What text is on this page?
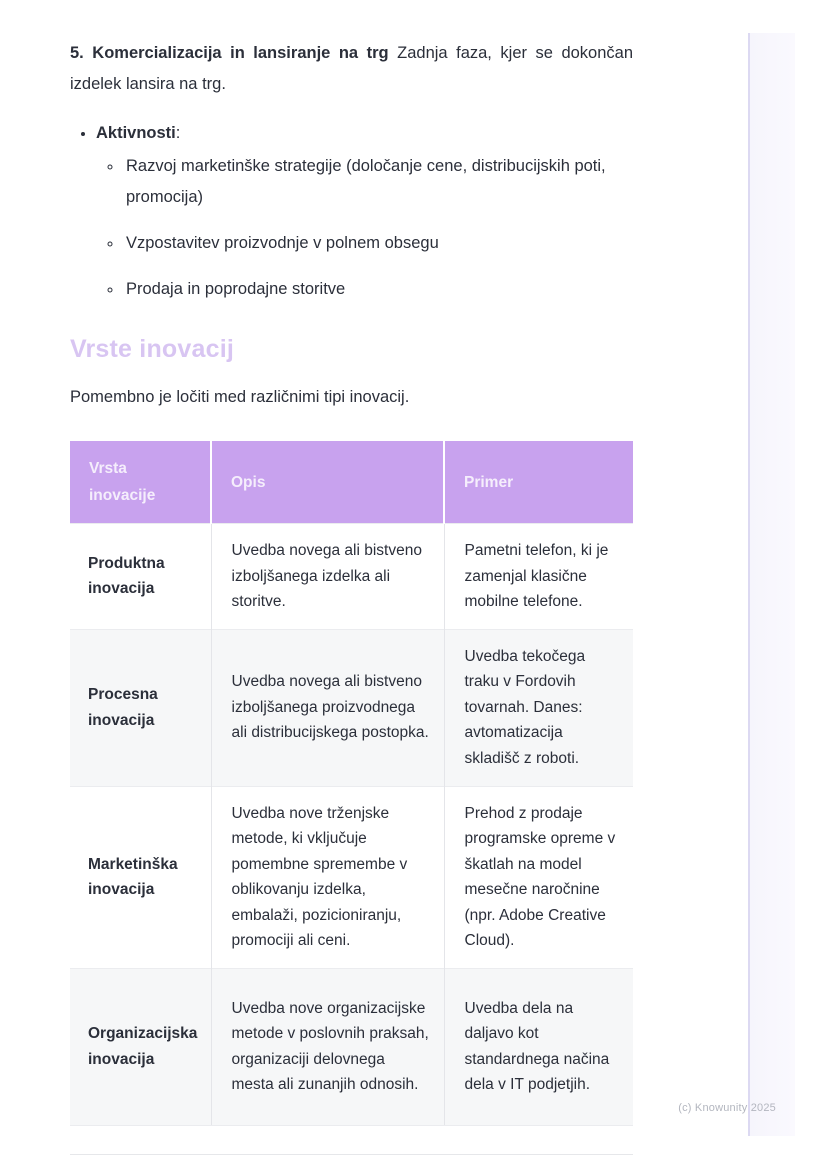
5. Komercializacija in lansiranje na trg Zadnja faza, kjer se dokončan izdelek lansira na trg.

• Aktivnosti:
◦ Razvoj marketinške strategije (določanje cene, distribucijskih poti, promocija)
◦ Vzpostavitev proizvodnje v polnem obsegu
◦ Prodaja in poprodajne storitve
Vrste inovacij

Pomembno je ločiti med različnimi tipi inovacij.

Vrsta inovacije	Opis	Primer
Produktna inovacija	Uvedba novega ali bistveno izboljšanega izdelka ali storitve.	Pametni telefon, ki je zamenjal klasične mobilne telefone.
Procesna inovacija	Uvedba novega ali bistveno izboljšanega proizvodnega ali distribucijskega postopka.	Uvedba tekočega traku v Fordovih tovarnah. Danes: avtomatizacija skladišč z roboti.
Marketinška inovacija	Uvedba nove trženjske metode, ki vključuje pomembne spremembe v oblikovanju izdelka, embalaži, pozicioniranju, promociji ali ceni.	Prehod z prodaje programske opreme v škatlah na model mesečne naročnine (npr. Adobe Creative Cloud).
Organizacijska inovacija	Uvedba nove organizacijske metode v poslovnih praksah, organizaciji delovnega mesta ali zunanjih odnosih.	Uvedba dela na daljavo kot standardnega načina dela v IT podjetjih.
(c) Knowunity 2025
